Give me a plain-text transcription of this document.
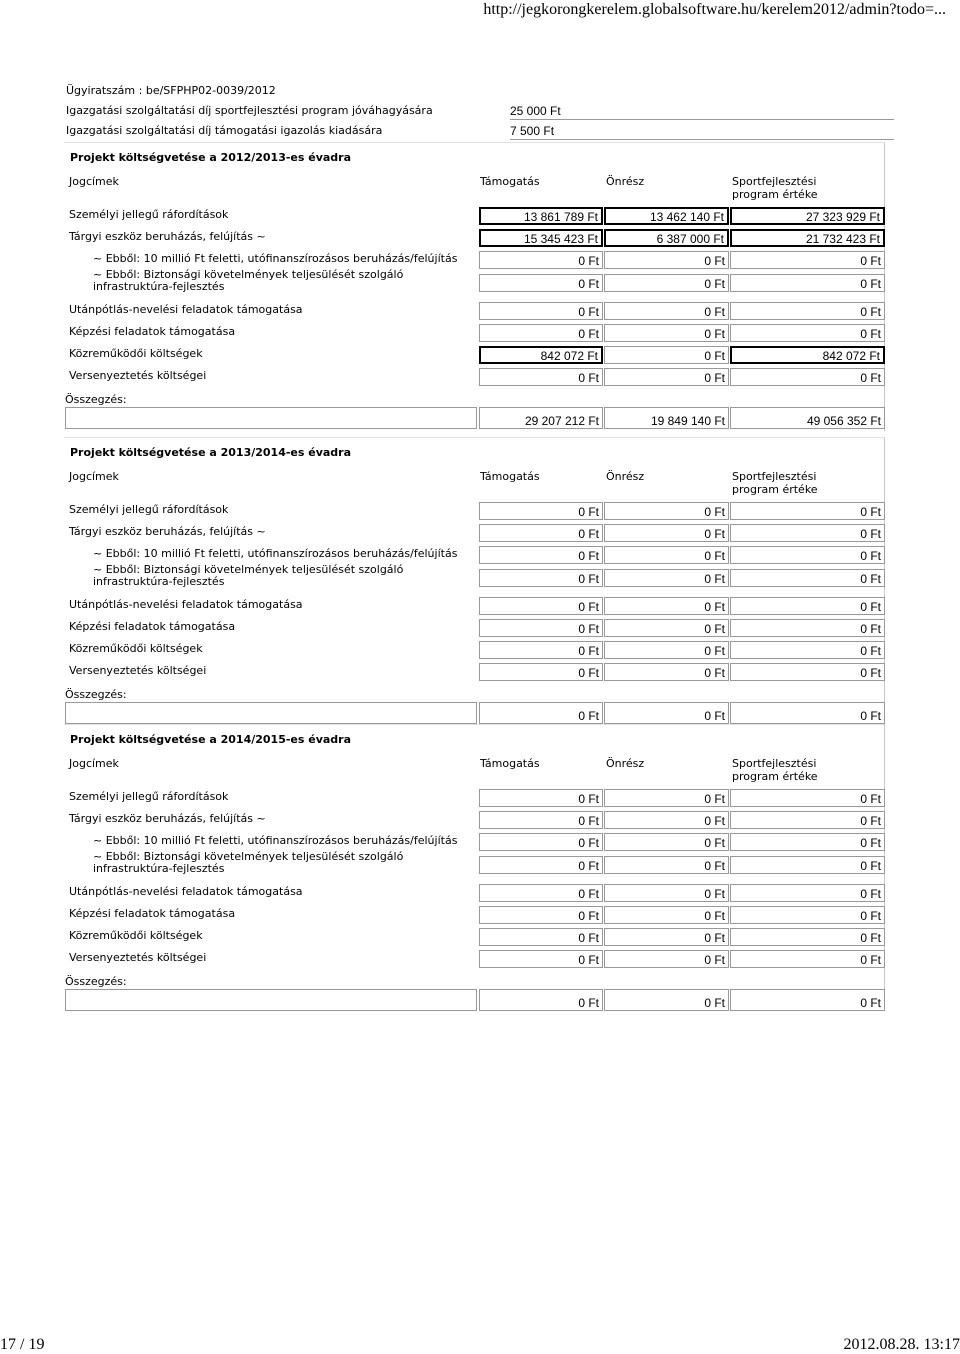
http://jegkorongkerelem.globalsoftware.hu/kerelem2012/admin?todo=...
Ügyiratszám : be/SFPHP02-0039/2012
Igazgatási szolgáltatási díj sportfejlesztési program jóváhagyására	25 000 Ft
Igazgatási szolgáltatási díj támogatási igazolás kiadására	7 500 Ft
Projekt költségvetése a 2012/2013-es évadra
Jogcímek	Támogatás	Önrész	Sportfejlesztési program értéke
Személyi jellegű ráfordítások	13 861 789 Ft	13 462 140 Ft	27 323 929 Ft
Tárgyi eszköz beruházás, felújítás ~	15 345 423 Ft	6 387 000 Ft	21 732 423 Ft
~ Ebből: 10 millió Ft feletti, utófinanszírozásos beruházás/felújítás	0 Ft	0 Ft	0 Ft
~ Ebből: Biztonsági követelmények teljesülését szolgáló infrastruktúra-fejlesztés	0 Ft	0 Ft	0 Ft
Utánpótlás-nevelési feladatok támogatása	0 Ft	0 Ft	0 Ft
Képzési feladatok támogatása	0 Ft	0 Ft	0 Ft
Közreműködői költségek	842 072 Ft	0 Ft	842 072 Ft
Versenyeztetés költségei	0 Ft	0 Ft	0 Ft
Összegzés:
29 207 212 Ft	19 849 140 Ft	49 056 352 Ft
Projekt költségvetése a 2013/2014-es évadra
Jogcímek	Támogatás	Önrész	Sportfejlesztési program értéke
Személyi jellegű ráfordítások	0 Ft	0 Ft	0 Ft
Tárgyi eszköz beruházás, felújítás ~	0 Ft	0 Ft	0 Ft
~ Ebből: 10 millió Ft feletti, utófinanszírozásos beruházás/felújítás	0 Ft	0 Ft	0 Ft
~ Ebből: Biztonsági követelmények teljesülését szolgáló infrastruktúra-fejlesztés	0 Ft	0 Ft	0 Ft
Utánpótlás-nevelési feladatok támogatása	0 Ft	0 Ft	0 Ft
Képzési feladatok támogatása	0 Ft	0 Ft	0 Ft
Közreműködői költségek	0 Ft	0 Ft	0 Ft
Versenyeztetés költségei	0 Ft	0 Ft	0 Ft
Összegzés:
0 Ft	0 Ft	0 Ft
Projekt költségvetése a 2014/2015-es évadra
Jogcímek	Támogatás	Önrész	Sportfejlesztési program értéke
Személyi jellegű ráfordítások	0 Ft	0 Ft	0 Ft
Tárgyi eszköz beruházás, felújítás ~	0 Ft	0 Ft	0 Ft
~ Ebből: 10 millió Ft feletti, utófinanszírozásos beruházás/felújítás	0 Ft	0 Ft	0 Ft
~ Ebből: Biztonsági követelmények teljesülését szolgáló infrastruktúra-fejlesztés	0 Ft	0 Ft	0 Ft
Utánpótlás-nevelési feladatok támogatása	0 Ft	0 Ft	0 Ft
Képzési feladatok támogatása	0 Ft	0 Ft	0 Ft
Közreműködői költségek	0 Ft	0 Ft	0 Ft
Versenyeztetés költségei	0 Ft	0 Ft	0 Ft
Összegzés:
0 Ft	0 Ft	0 Ft
17 / 19	2012.08.28. 13:17
